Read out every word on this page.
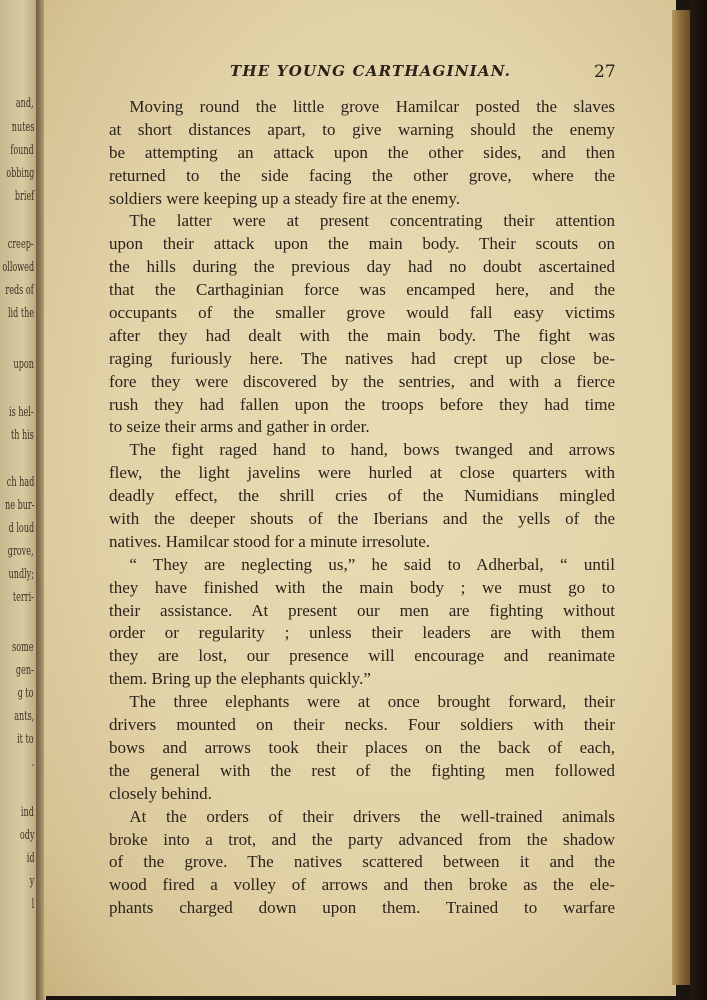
and,
nutes
found
obbing
brief
creep-
ollowed
reds of
lid the
upon
is hel-
th his
ch had
ne bur-
d loud
grove,
undly;
terri-
some
gen-
g to
ants,
it to
.
ind
ody
id
y
l
THE YOUNG CARTHAGINIAN.	27
Moving round the little grove Hamilcar posted the slaves
at short distances apart, to give warning should the enemy
be attempting an attack upon the other sides, and then
returned to the side facing the other grove, where the
soldiers were keeping up a steady fire at the enemy.
The latter were at present concentrating their attention
upon their attack upon the main body. Their scouts on
the hills during the previous day had no doubt ascertained
that the Carthaginian force was encamped here, and the
occupants of the smaller grove would fall easy victims
after they had dealt with the main body. The fight was
raging furiously here. The natives had crept up close be-
fore they were discovered by the sentries, and with a fierce
rush they had fallen upon the troops before they had time
to seize their arms and gather in order.
The fight raged hand to hand, bows twanged and arrows
flew, the light javelins were hurled at close quarters with
deadly effect, the shrill cries of the Numidians mingled
with the deeper shouts of the Iberians and the yells of the
natives. Hamilcar stood for a minute irresolute.
“ They are neglecting us,” he said to Adherbal, “ until
they have finished with the main body ; we must go to
their assistance. At present our men are fighting without
order or regularity ; unless their leaders are with them
they are lost, our presence will encourage and reanimate
them. Bring up the elephants quickly.”
The three elephants were at once brought forward, their
drivers mounted on their necks. Four soldiers with their
bows and arrows took their places on the back of each,
the general with the rest of the fighting men followed
closely behind.
At the orders of their drivers the well-trained animals
broke into a trot, and the party advanced from the shadow
of the grove. The natives scattered between it and the
wood fired a volley of arrows and then broke as the ele-
phants charged down upon them. Trained to warfare
